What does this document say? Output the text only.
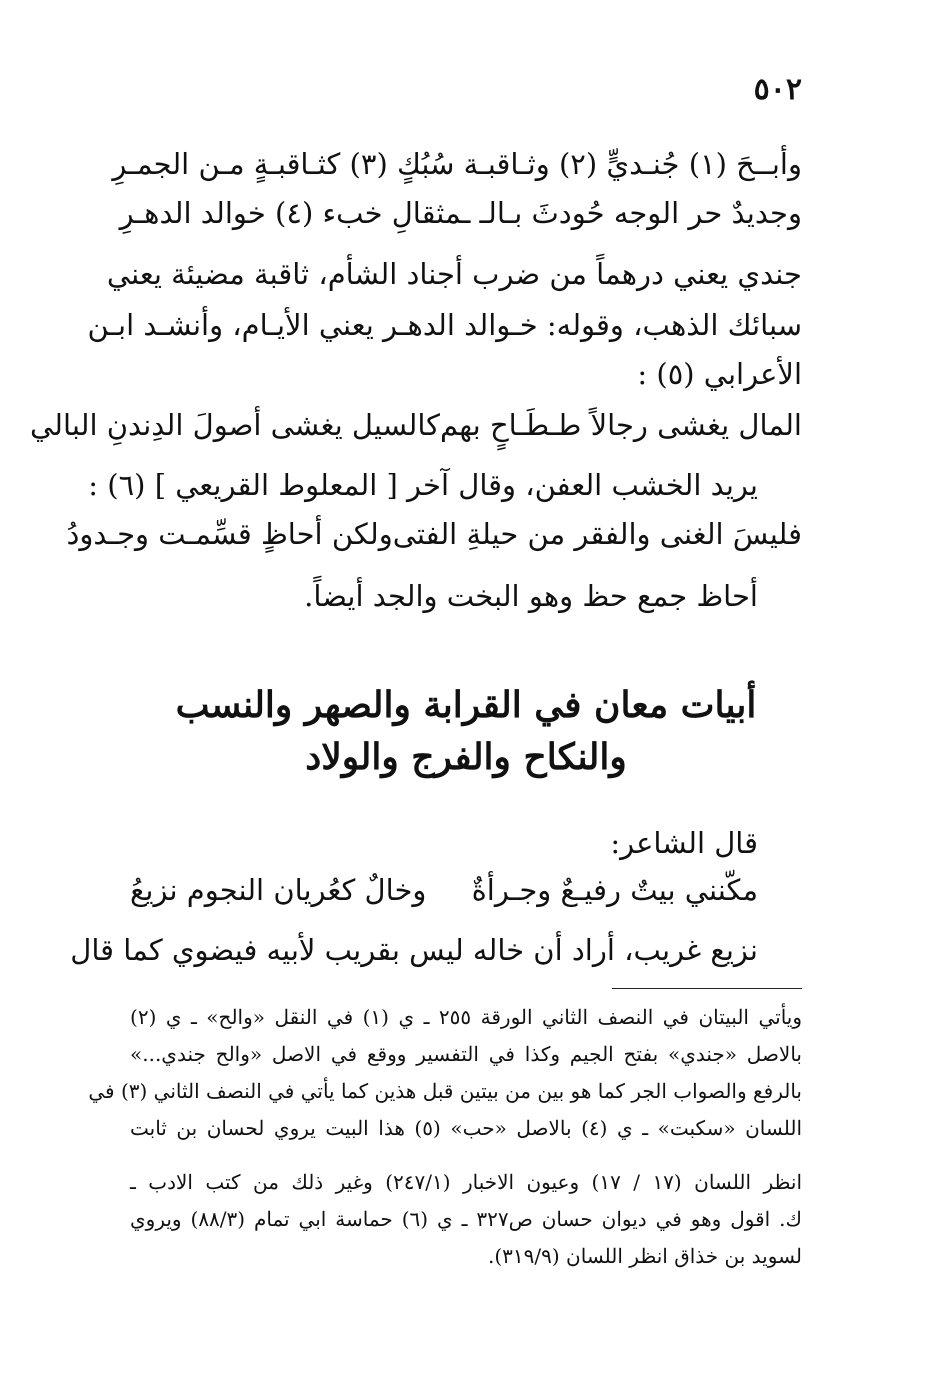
٥٠٢
وأبــحَ (١) جُنـديٍّ (٢) وثـاقبـة سُبُكٍ (٣) كثـاقبـةٍ مـن الجمـرِ
وجديدٌ حر الوجه حُودثَ بـالـ ـمثقالِ خبء (٤) خوالد الدهـرِ
جندي يعني درهماً من ضرب أجناد الشأم، ثاقبة مضيئة يعني
سبائك الذهب، وقوله: خـوالد الدهـر يعني الأيـام، وأنشـد ابـن
الأعرابي (٥) :
المال يغشى رجالاً طـطَـاحٍ بهم
كالسيل يغشى أصولَ الدِندنِ البالي
يريد الخشب العفن، وقال آخر [ المعلوط القريعي ] (٦) :
فليسَ الغنى والفقر من حيلةِ الفتى
ولكن أحاظٍ قسِّمـت وجـدودُ
أحاظ جمع حظ وهو البخت والجد أيضاً.
أبيات معان في القرابة والصهر والنسب
والنكاح والفرج والولاد
قال الشاعر:
مكّنني بيتٌ رفيـعٌ وجـرأةٌ
وخالٌ كعُريان النجوم نزيعُ
نزيع غريب، أراد أن خاله ليس بقريب لأبيه فيضوي كما قال
ويأتي البيتان في النصف الثاني الورقة ٢٥٥ ـ ي (١) في النقل «والح» ـ ي (٢)
بالاصل «جندي» بفتح الجيم وكذا في التفسير ووقع في الاصل «والح جندي...»
بالرفع والصواب الجر كما هو بين من بيتين قبل هذين كما يأتي في النصف الثاني (٣) في
اللسان «سكبت» ـ ي (٤) بالاصل «حب» (٥) هذا البيت يروي لحسان بن ثابت
انظر اللسان (١٧ / ١٧) وعيون الاخبار (٢٤٧/١) وغير ذلك من كتب الادب ـ
ك. اقول وهو في ديوان حسان ص٣٢٧ ـ ي (٦) حماسة ابي تمام (٨٨/٣) ويروي
لسويد بن خذاق انظر اللسان (٣١٩/٩).
